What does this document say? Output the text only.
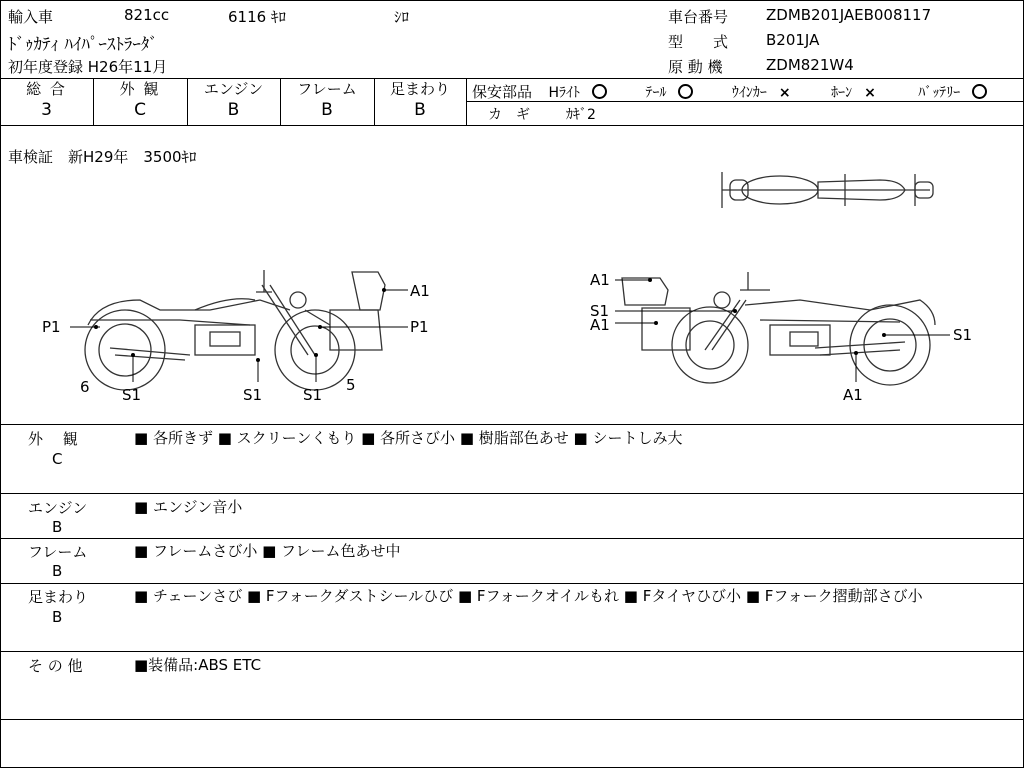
輸入車	821cc	6116 ｷﾛ	ｼﾛ
ﾄﾞｩｶﾃｨ ﾊｲﾊﾟｰｽﾄﾗｰﾀﾞ
初年度登録 H26年11月
車台番号	ZDMB201JAEB008117
型　　式	B201JA
原 動 機	ZDM821W4
総 合
3
外 観
C
エンジン
B
フレーム
B
足まわり
B
保安部品 Hﾗｲﾄ	ﾃｰﾙ	ｳｲﾝｶｰ ×	ﾎｰﾝ ×	ﾊﾞｯﾃﾘｰ
カ　ギ	ｶｷﾞ2
車検証　新H29年　3500ｷﾛ
P1
S1
6	S1	S1
5
A1
P1
A1
S1
A1
S1
A1
外　 観
C
■ 各所きず ■ スクリーンくもり ■ 各所さび小 ■ 樹脂部色あせ ■ シートしみ大
エンジン
B
■ エンジン音小
フレーム
B
■ フレームさび小 ■ フレーム色あせ中
足まわり
B
■ チェーンさび ■ Fフォークダストシールひび ■ Fフォークオイルもれ ■ Fタイヤひび小 ■ Fフォーク摺動部さび小
そ の 他	■装備品:ABS ETC
